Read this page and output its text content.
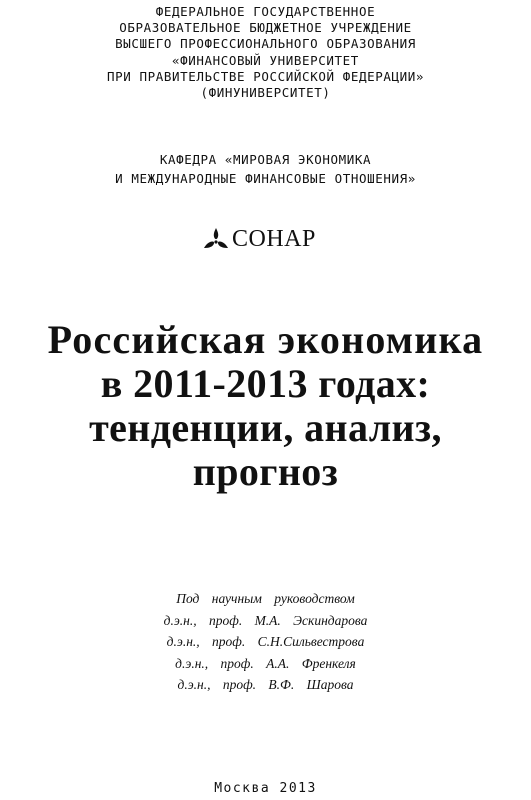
ФЕДЕРАЛЬНОЕ ГОСУДАРСТВЕННОЕ
ОБРАЗОВАТЕЛЬНОЕ БЮДЖЕТНОЕ УЧРЕЖДЕНИЕ
ВЫСШЕГО ПРОФЕССИОНАЛЬНОГО ОБРАЗОВАНИЯ
«ФИНАНСОВЫЙ УНИВЕРСИТЕТ
ПРИ ПРАВИТЕЛЬСТВЕ РОССИЙСКОЙ ФЕДЕРАЦИИ»
(ФИНУНИВЕРСИТЕТ)
КАФЕДРА «МИРОВАЯ ЭКОНОМИКА
И МЕЖДУНАРОДНЫЕ ФИНАНСОВЫЕ ОТНОШЕНИЯ»
СОНАР
Российская экономика
в 2011-2013 годах:
тенденции, анализ,
прогноз
Под научным руководством
д.э.н., проф. М.А. Эскиндарова
д.э.н., проф. С.Н.Сильвестрова
д.э.н., проф. А.А. Френкеля
д.э.н., проф. В.Ф. Шарова
Москва 2013
